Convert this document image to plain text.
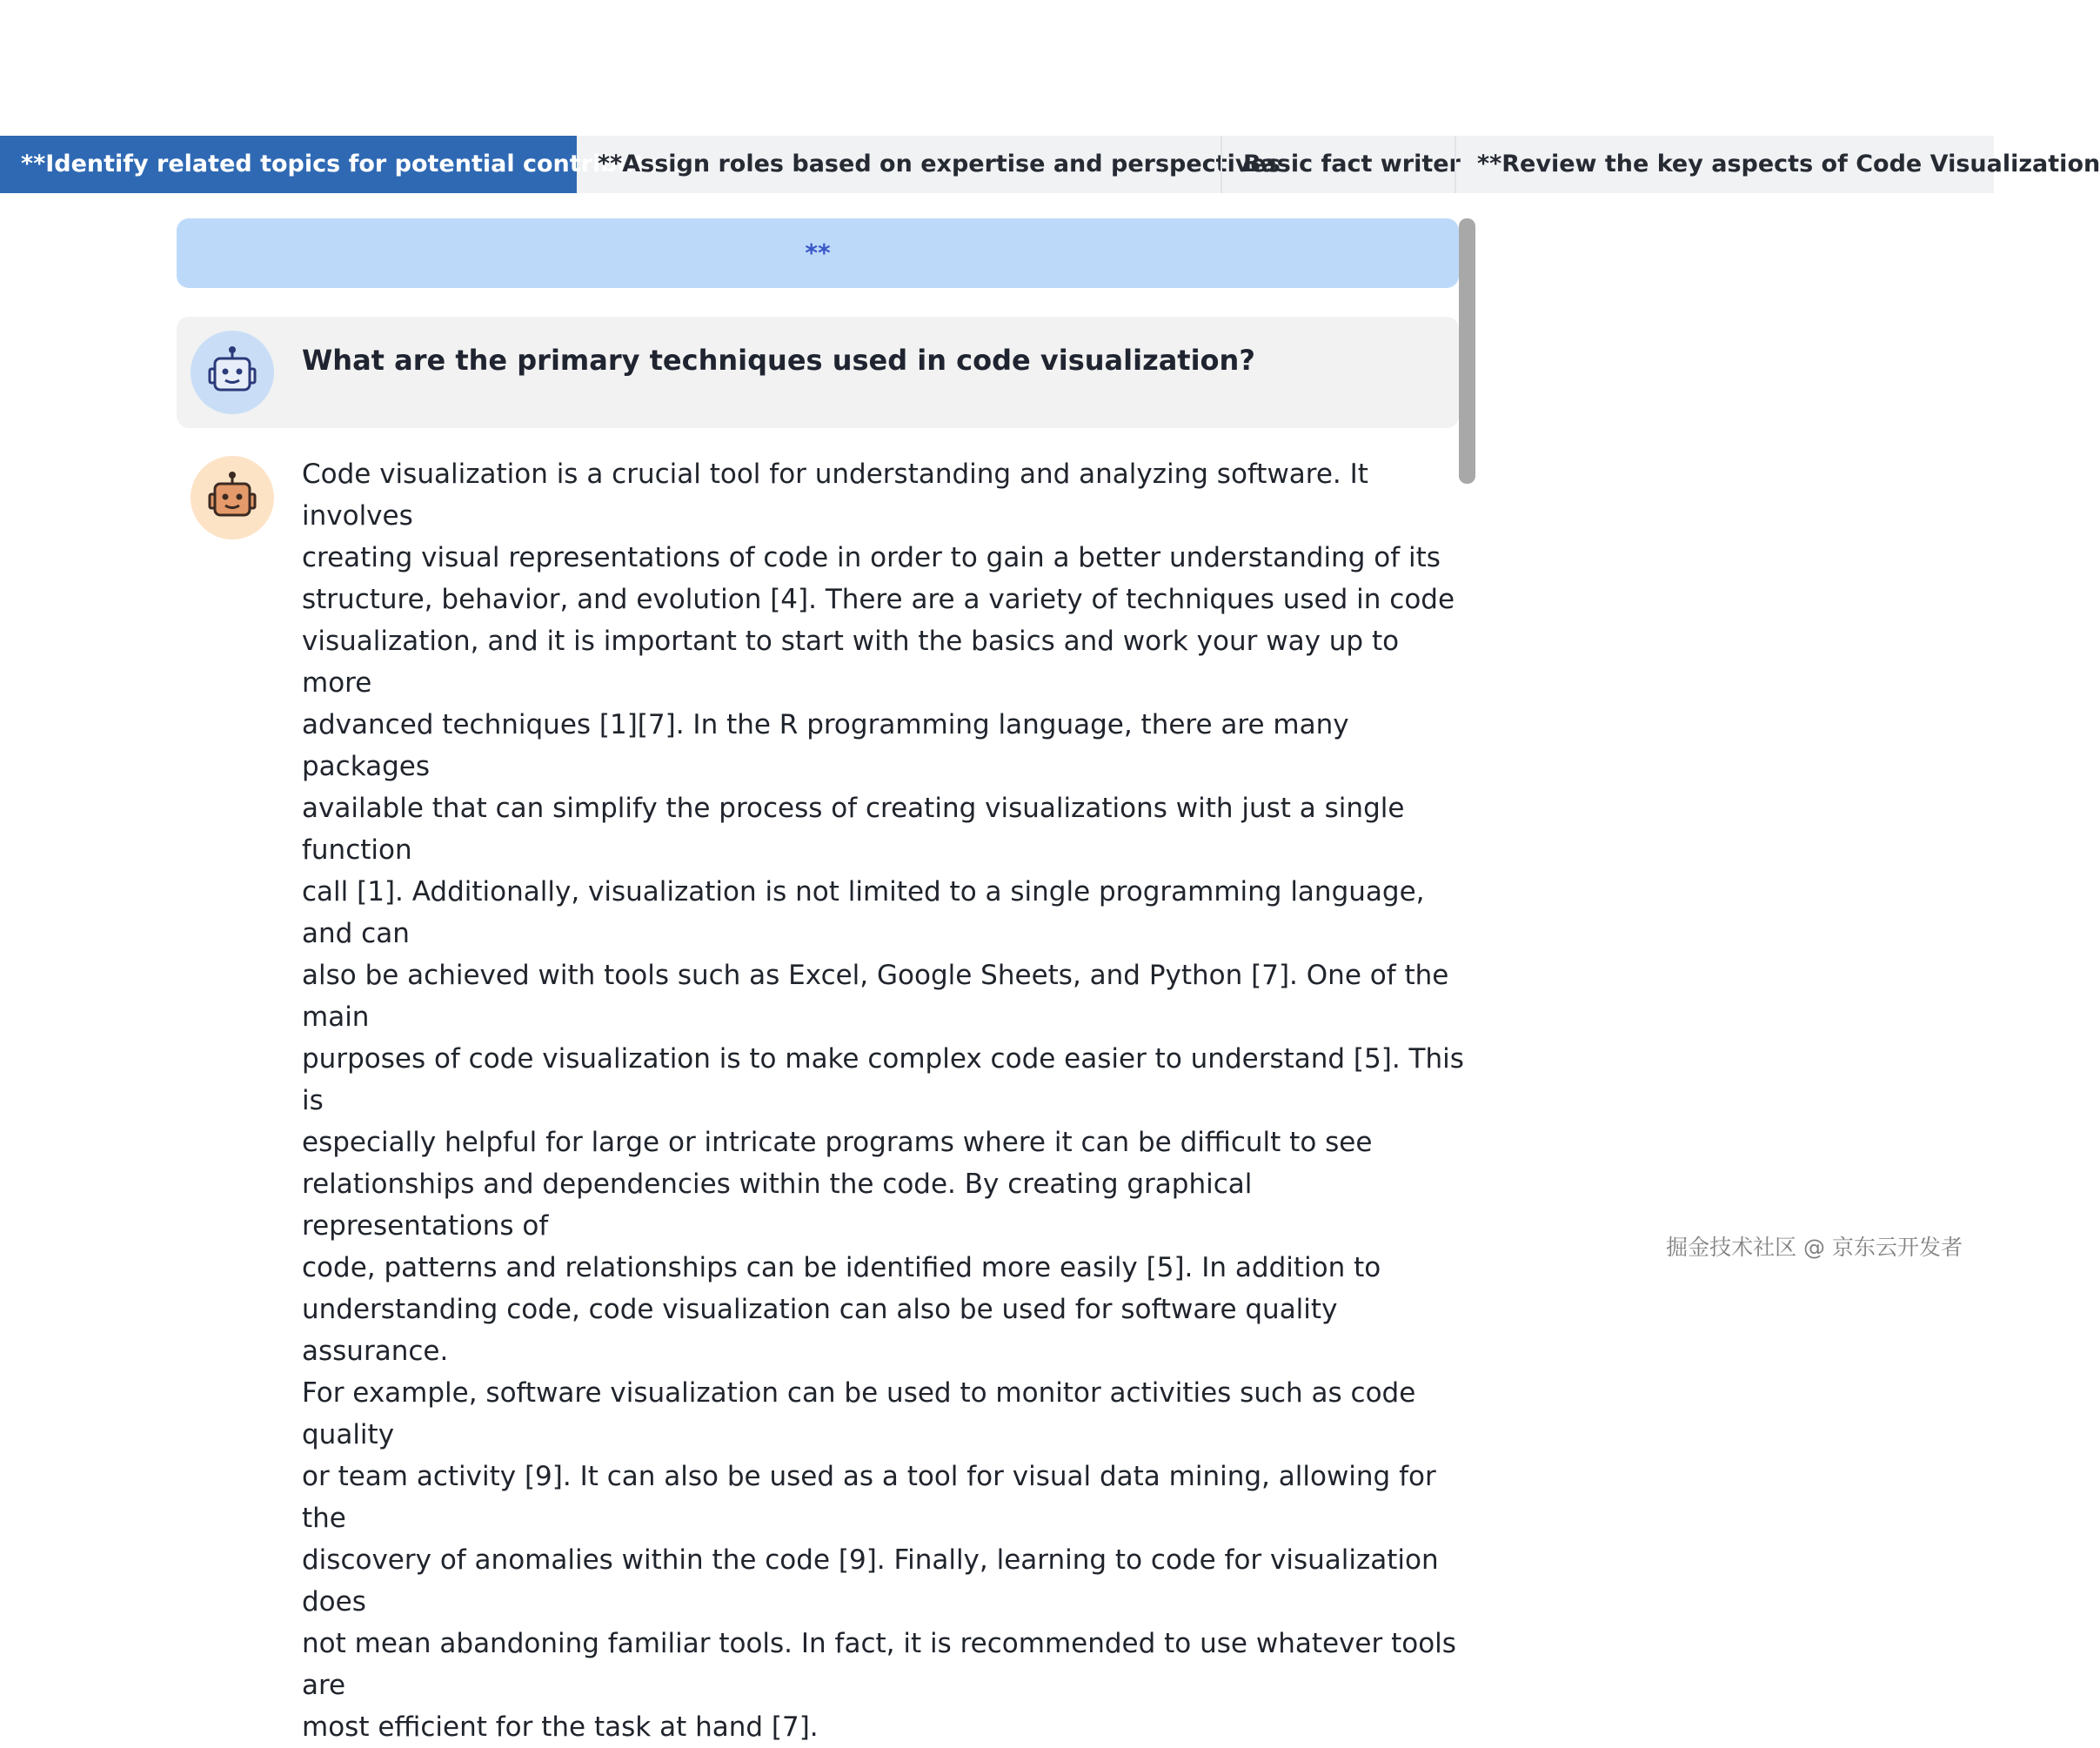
**Identify related topics for potential contributors
**Assign roles based on expertise and perspectives
Basic fact writer **Review the key aspects of Code Visualization
**
What are the primary techniques used in code visualization?
Code visualization is a crucial tool for understanding and analyzing software. It involves
creating visual representations of code in order to gain a better understanding of its
structure, behavior, and evolution [4]. There are a variety of techniques used in code
visualization, and it is important to start with the basics and work your way up to more
advanced techniques [1][7]. In the R programming language, there are many packages
available that can simplify the process of creating visualizations with just a single function
call [1]. Additionally, visualization is not limited to a single programming language, and can
also be achieved with tools such as Excel, Google Sheets, and Python [7]. One of the main
purposes of code visualization is to make complex code easier to understand [5]. This is
especially helpful for large or intricate programs where it can be difficult to see
relationships and dependencies within the code. By creating graphical representations of
code, patterns and relationships can be identified more easily [5]. In addition to
understanding code, code visualization can also be used for software quality assurance.
For example, software visualization can be used to monitor activities such as code quality
or team activity [9]. It can also be used as a tool for visual data mining, allowing for the
discovery of anomalies within the code [9]. Finally, learning to code for visualization does
not mean abandoning familiar tools. In fact, it is recommended to use whatever tools are
most efficient for the task at hand [7].
掘金技术社区 @ 京东云开发者
